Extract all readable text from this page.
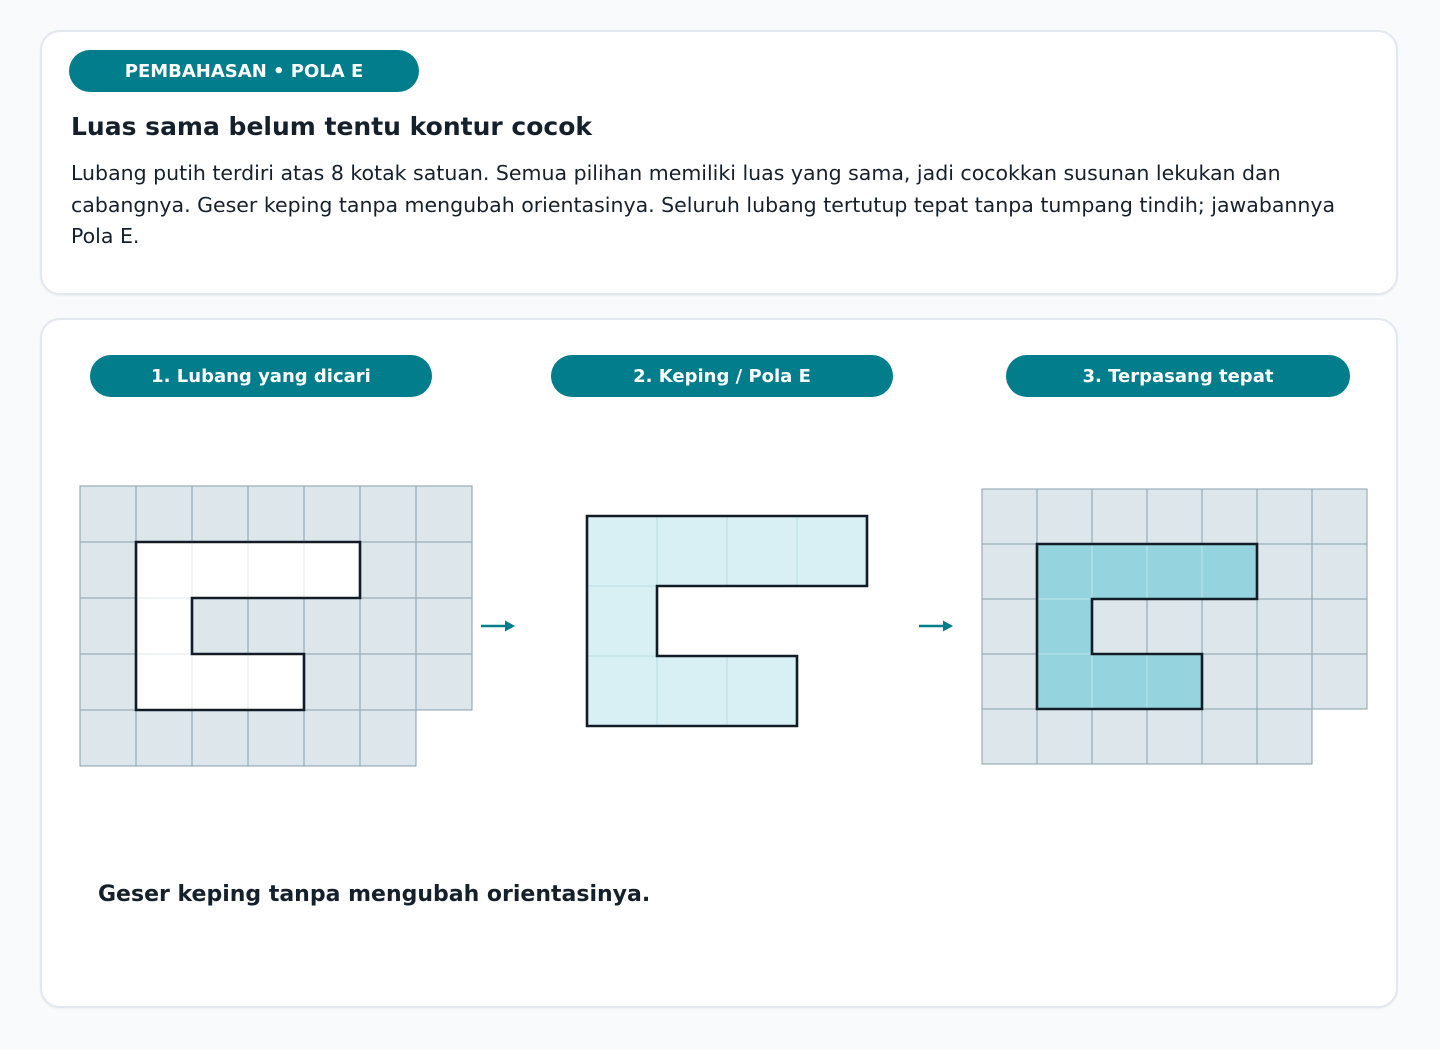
PEMBAHASAN • POLA E
Luas sama belum tentu kontur cocok

Lubang putih terdiri atas 8 kotak satuan. Semua pilihan memiliki luas yang sama, jadi cocokkan susunan lekukan dan cabangnya. Geser keping tanpa mengubah orientasinya. Seluruh lubang tertutup tepat tanpa tumpang tindih; jawabannya Pola E.

1. Lubang yang dicari	2. Keping / Pola E	3. Terpasang tepat

Geser keping tanpa mengubah orientasinya.
